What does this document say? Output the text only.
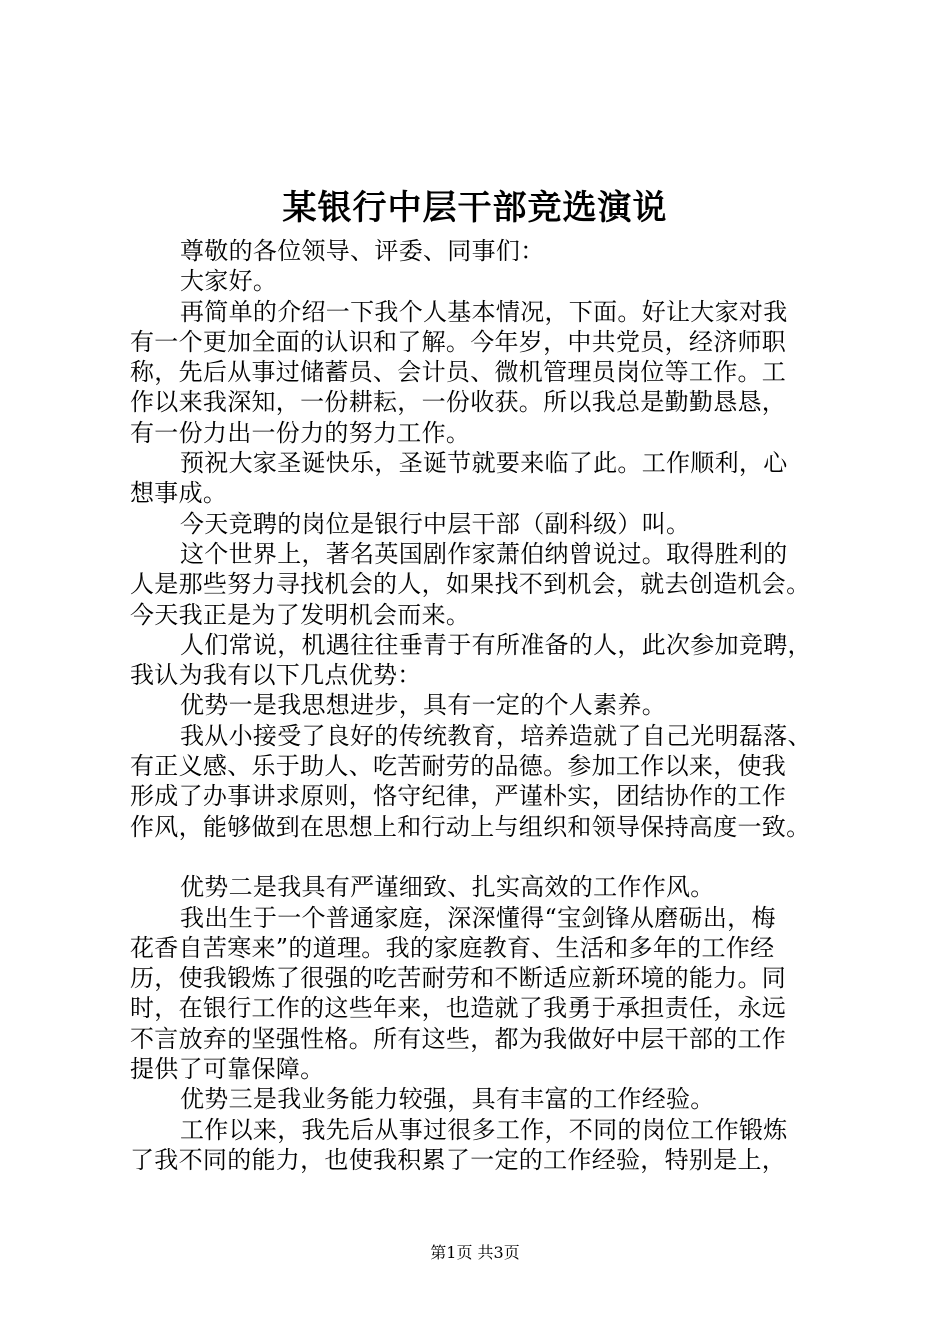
某银行中层干部竞选演说
尊敬的各位领导、评委、同事们：
大家好。
再简单的介绍一下我个人基本情况，下面。好让大家对我
有一个更加全面的认识和了解。今年岁，中共党员，经济师职
称，先后从事过储蓄员、会计员、微机管理员岗位等工作。工
作以来我深知，一份耕耘，一份收获。所以我总是勤勤恳恳，
有一份力出一份力的努力工作。
预祝大家圣诞快乐，圣诞节就要来临了此。工作顺利，心
想事成。
今天竞聘的岗位是银行中层干部（副科级）叫。
这个世界上，著名英国剧作家萧伯纳曾说过。取得胜利的
人是那些努力寻找机会的人，如果找不到机会，就去创造机会。
今天我正是为了发明机会而来。
人们常说，机遇往往垂青于有所准备的人，此次参加竞聘，
我认为我有以下几点优势：
优势一是我思想进步，具有一定的个人素养。
我从小接受了良好的传统教育，培养造就了自己光明磊落、
有正义感、乐于助人、吃苦耐劳的品德。参加工作以来，使我
形成了办事讲求原则，恪守纪律，严谨朴实，团结协作的工作
作风，能够做到在思想上和行动上与组织和领导保持高度一致。
优势二是我具有严谨细致、扎实高效的工作作风。
我出生于一个普通家庭，深深懂得“宝剑锋从磨砺出，梅
花香自苦寒来”的道理。我的家庭教育、生活和多年的工作经
历，使我锻炼了很强的吃苦耐劳和不断适应新环境的能力。同
时，在银行工作的这些年来，也造就了我勇于承担责任，永远
不言放弃的坚强性格。所有这些，都为我做好中层干部的工作
提供了可靠保障。
优势三是我业务能力较强，具有丰富的工作经验。
工作以来，我先后从事过很多工作，不同的岗位工作锻炼
了我不同的能力，也使我积累了一定的工作经验，特别是上，
第1页 共3页
